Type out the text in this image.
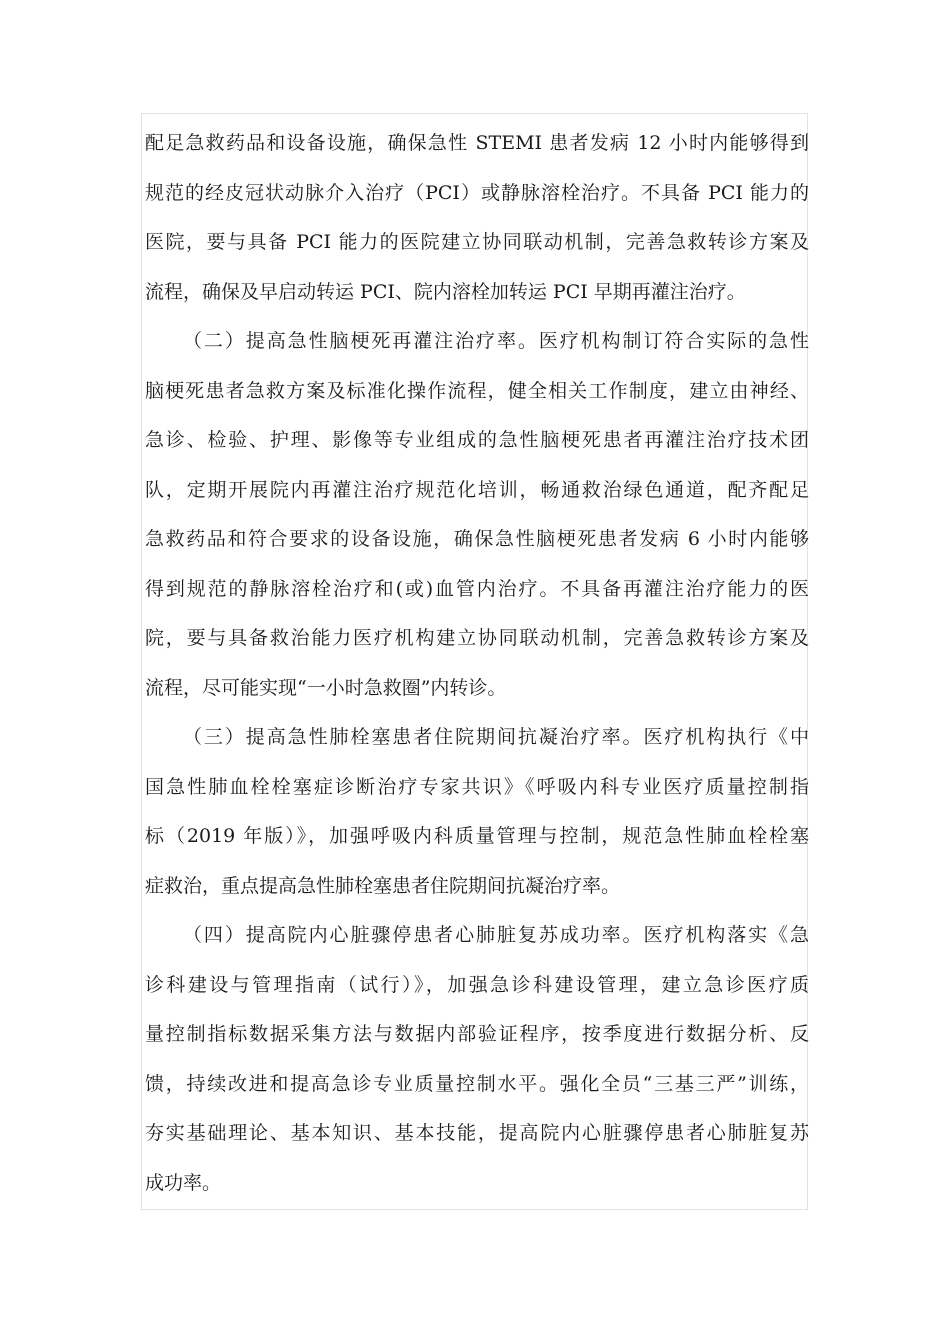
配足急救药品和设备设施，确保急性 STEMI 患者发病 12 小时内能够得到
规范的经皮冠状动脉介入治疗（PCI）或静脉溶栓治疗。不具备 PCI 能力的
医院，要与具备 PCI 能力的医院建立协同联动机制，完善急救转诊方案及
流程，确保及早启动转运 PCI、院内溶栓加转运 PCI 早期再灌注治疗。
（二）提高急性脑梗死再灌注治疗率。医疗机构制订符合实际的急性
脑梗死患者急救方案及标准化操作流程，健全相关工作制度，建立由神经、
急诊、检验、护理、影像等专业组成的急性脑梗死患者再灌注治疗技术团
队，定期开展院内再灌注治疗规范化培训，畅通救治绿色通道，配齐配足
急救药品和符合要求的设备设施，确保急性脑梗死患者发病 6 小时内能够
得到规范的静脉溶栓治疗和(或)血管内治疗。不具备再灌注治疗能力的医
院，要与具备救治能力医疗机构建立协同联动机制，完善急救转诊方案及
流程，尽可能实现“一小时急救圈”内转诊。
（三）提高急性肺栓塞患者住院期间抗凝治疗率。医疗机构执行《中
国急性肺血栓栓塞症诊断治疗专家共识》《呼吸内科专业医疗质量控制指
标（2019 年版）》，加强呼吸内科质量管理与控制，规范急性肺血栓栓塞
症救治，重点提高急性肺栓塞患者住院期间抗凝治疗率。
（四）提高院内心脏骤停患者心肺脏复苏成功率。医疗机构落实《急
诊科建设与管理指南（试行）》，加强急诊科建设管理，建立急诊医疗质
量控制指标数据采集方法与数据内部验证程序，按季度进行数据分析、反
馈，持续改进和提高急诊专业质量控制水平。强化全员“三基三严”训练，
夯实基础理论、基本知识、基本技能，提高院内心脏骤停患者心肺脏复苏
成功率。
